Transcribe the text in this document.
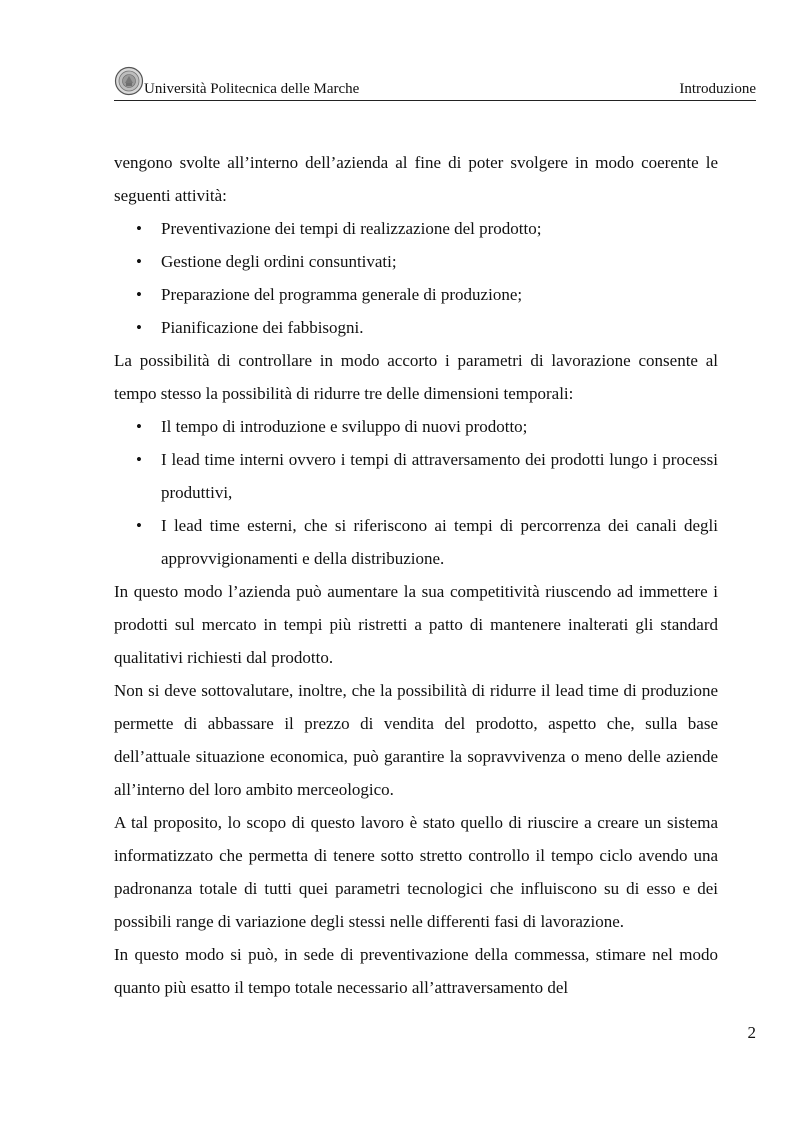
Università Politecnica delle Marche	Introduzione

vengono svolte all’interno dell’azienda al fine di poter svolgere in modo coerente le seguenti attività:

• Preventivazione dei tempi di realizzazione del prodotto;
• Gestione degli ordini consuntivati;
• Preparazione del programma generale di produzione;
• Pianificazione dei fabbisogni.

La possibilità di controllare in modo accorto i parametri di lavorazione consente al tempo stesso la possibilità di ridurre tre delle dimensioni temporali:

• Il tempo di introduzione e sviluppo di nuovi prodotto;
• I lead time interni ovvero i tempi di attraversamento dei prodotti lungo i processi produttivi,
• I lead time esterni, che si riferiscono ai tempi di percorrenza dei canali degli approvvigionamenti e della distribuzione.

In questo modo l’azienda può aumentare la sua competitività riuscendo ad immettere i prodotti sul mercato in tempi più ristretti a patto di mantenere inalterati gli standard qualitativi richiesti dal prodotto.

Non si deve sottovalutare, inoltre, che la possibilità di ridurre il lead time di produzione permette di abbassare il prezzo di vendita del prodotto, aspetto che, sulla base dell’attuale situazione economica, può garantire la sopravvivenza o meno delle aziende all’interno del loro ambito merceologico.

A tal proposito, lo scopo di questo lavoro è stato quello di riuscire a creare un sistema informatizzato che permetta di tenere sotto stretto controllo il tempo ciclo avendo una padronanza totale di tutti quei parametri tecnologici che influiscono su di esso e dei possibili range di variazione degli stessi nelle differenti fasi di lavorazione.

In questo modo si può, in sede di preventivazione della commessa, stimare nel modo quanto più esatto il tempo totale necessario all’attraversamento del

2
